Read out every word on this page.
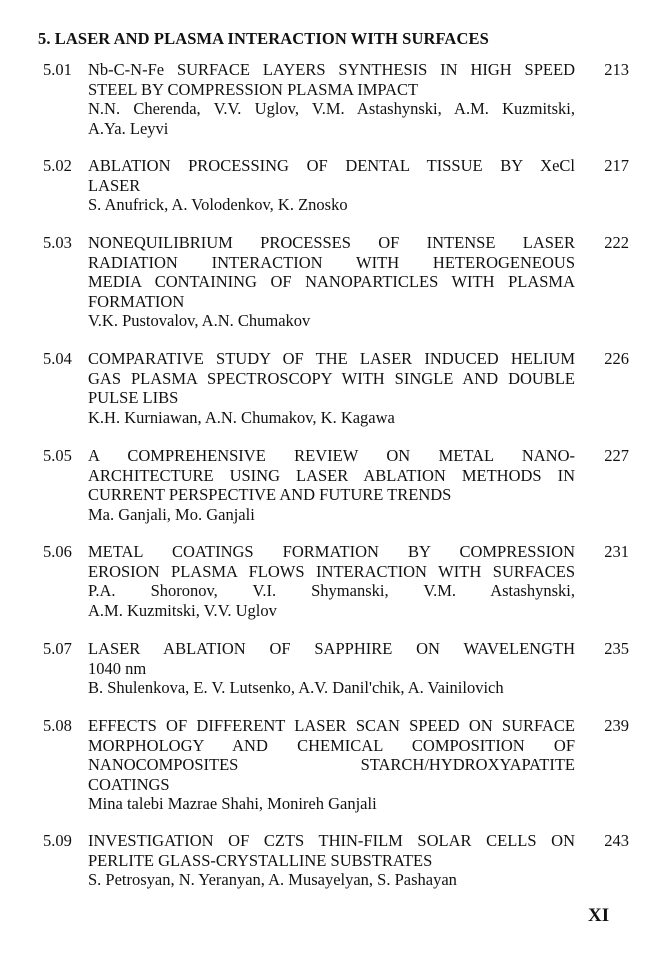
5. LASER AND PLASMA INTERACTION WITH SURFACES
5.01 Nb-C-N-Fe SURFACE LAYERS SYNTHESIS IN HIGH SPEED
STEEL BY COMPRESSION PLASMA IMPACT
N.N. Cherenda, V.V. Uglov, V.M. Astashynski, A.M. Kuzmitski,
A.Ya. Leyvi
213
5.02 ABLATION PROCESSING OF DENTAL TISSUE BY XeCl
LASER
S. Anufrick, A. Volodenkov, K. Znosko
217
5.03 NONEQUILIBRIUM PROCESSES OF INTENSE LASER
RADIATION INTERACTION WITH HETEROGENEOUS
MEDIA CONTAINING OF NANOPARTICLES WITH PLASMA
FORMATION
V.K. Pustovalov, A.N. Chumakov
222
5.04 COMPARATIVE STUDY OF THE LASER INDUCED HELIUM
GAS PLASMA SPECTROSCOPY WITH SINGLE AND DOUBLE
PULSE LIBS
K.H. Kurniawan, A.N. Chumakov, K. Kagawa
226
5.05 A COMPREHENSIVE REVIEW ON METAL NANO-
ARCHITECTURE USING LASER ABLATION METHODS IN
CURRENT PERSPECTIVE AND FUTURE TRENDS
Ma. Ganjali, Mo. Ganjali
227
5.06 METAL COATINGS FORMATION BY COMPRESSION
EROSION PLASMA FLOWS INTERACTION WITH SURFACES
P.A. Shoronov, V.I. Shymanski, V.M. Astashynski,
A.M. Kuzmitski, V.V. Uglov
231
5.07 LASER ABLATION OF SAPPHIRE ON WAVELENGTH
1040 nm
B. Shulenkova, E. V. Lutsenko, A.V. Danil'chik, A. Vainilovich
235
5.08 EFFECTS OF DIFFERENT LASER SCAN SPEED ON SURFACE
MORPHOLOGY AND CHEMICAL COMPOSITION OF
NANOCOMPOSITES STARCH/HYDROXYAPATITE
COATINGS
Mina talebi Mazrae Shahi, Monireh Ganjali
239
5.09 INVESTIGATION OF CZTS THIN-FILM SOLAR CELLS ON
PERLITE GLASS-CRYSTALLINE SUBSTRATES
S. Petrosyan, N. Yeranyan, A. Musayelyan, S. Pashayan
243
XI
